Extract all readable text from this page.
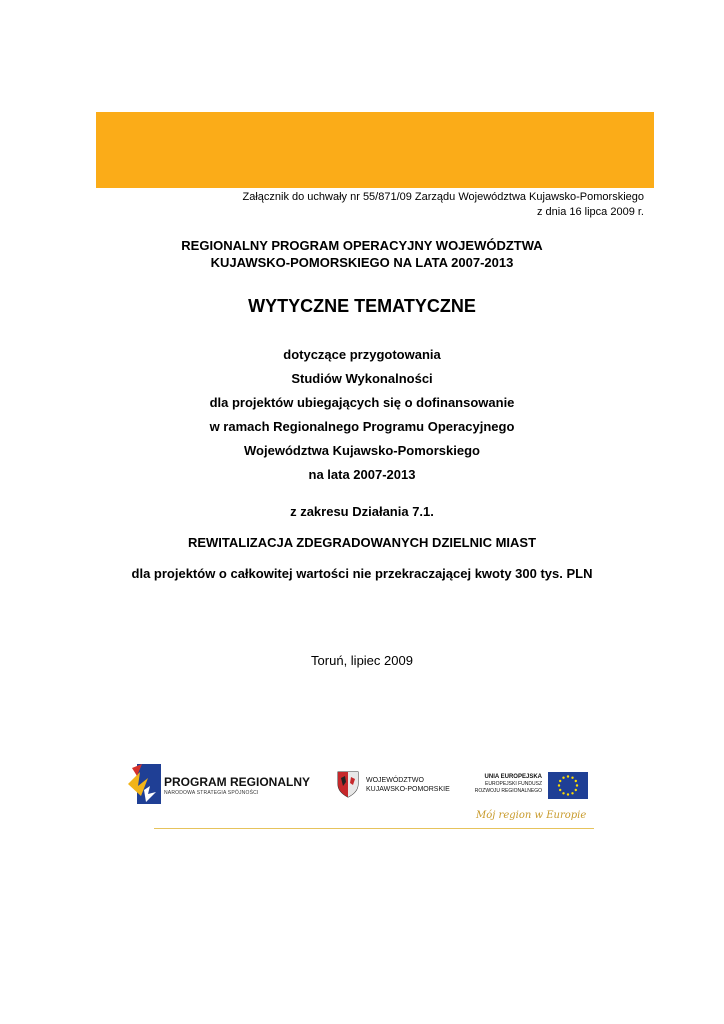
Załącznik do uchwały nr 55/871/09 Zarządu Województwa Kujawsko-Pomorskiego
z dnia 16 lipca 2009 r.
REGIONALNY PROGRAM OPERACYJNY WOJEWÓDZTWA
KUJAWSKO-POMORSKIEGO NA LATA 2007-2013
WYTYCZNE TEMATYCZNE
dotyczące przygotowania
Studiów Wykonalności
dla projektów ubiegających się o dofinansowanie
w ramach Regionalnego Programu Operacyjnego
Województwa Kujawsko-Pomorskiego
na lata 2007-2013
z zakresu Działania 7.1.
REWITALIZACJA ZDEGRADOWANYCH DZIELNIC MIAST
dla projektów o całkowitej wartości nie przekraczającej kwoty 300 tys. PLN
Toruń, lipiec 2009
PROGRAM REGIONALNY
NARODOWA STRATEGIA SPÓJNOŚCI
WOJEWÓDZTWO
KUJAWSKO-POMORSKIE
UNIA EUROPEJSKA
EUROPEJSKI FUNDUSZ
ROZWOJU REGIONALNEGO
Mój region w Europie
